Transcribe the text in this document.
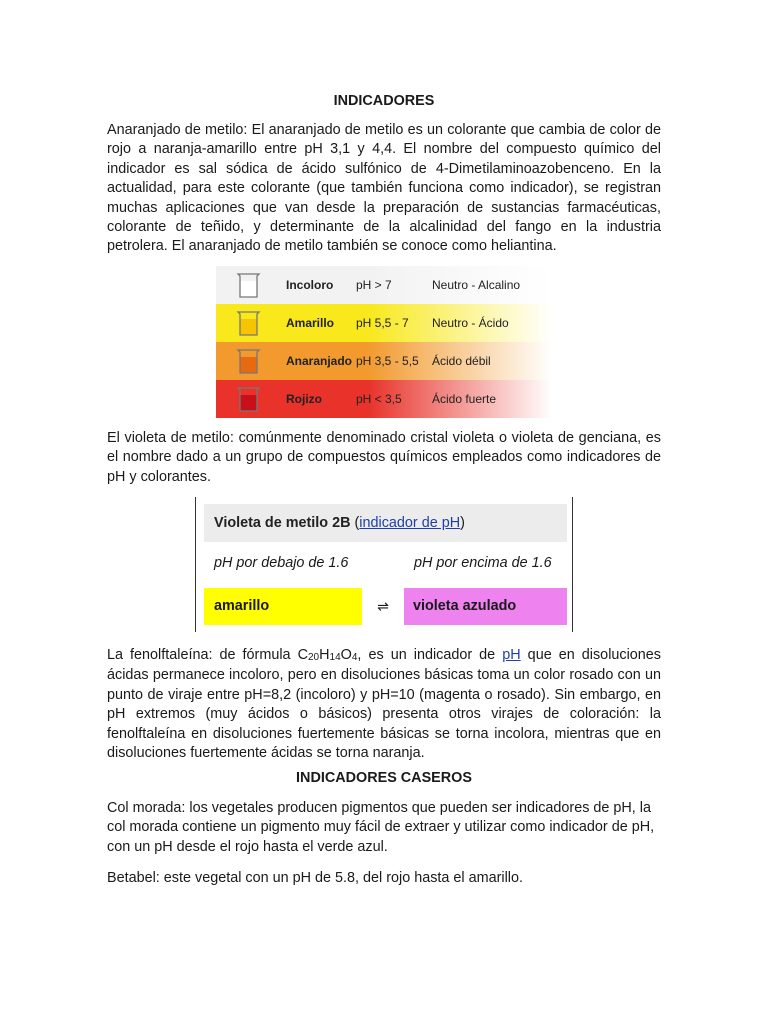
INDICADORES

Anaranjado de metilo: El anaranjado de metilo es un colorante que cambia de color de rojo a naranja-amarillo entre pH 3,1 y 4,4. El nombre del compuesto químico del indicador es sal sódica de ácido sulfónico de 4-Dimetilaminoazobenceno. En la actualidad, para este colorante (que también funciona como indicador), se registran muchas aplicaciones que van desde la preparación de sustancias farmacéuticas, colorante de teñido, y determinante de la alcalinidad del fango en la industria petrolera. El anaranjado de metilo también se conoce como heliantina.

El violeta de metilo: comúnmente denominado cristal violeta o violeta de genciana, es el nombre dado a un grupo de compuestos químicos empleados como indicadores de pH y colorantes.

La fenolftaleína: de fórmula $C_{20}H_{14}O_4$, es un indicador de pH que en disoluciones ácidas permanece incoloro, pero en disoluciones básicas toma un color rosado con un punto de viraje entre pH=8,2 (incoloro) y pH=10 (magenta o rosado). Sin embargo, en pH extremos (muy ácidos o básicos) presenta otros virajes de coloración: la fenolftaleína en disoluciones fuertemente básicas se torna incolora, mientras que en disoluciones fuertemente ácidas se torna naranja.

INDICADORES CASEROS

Col morada: los vegetales producen pigmentos que pueden ser indicadores de pH, la col morada contiene un pigmento muy fácil de extraer y utilizar como indicador de pH, con un pH desde el rojo hasta el verde azul.

Betabel: este vegetal con un pH de 5.8, del rojo hasta el amarillo.

Incoloro pH > 7	Neutro - Alcalino
Amarillo pH 5,5 - 7 Neutro - Ácido
Anaranjado pH 3,5 - 5,5 Ácido débil
Rojizo	pH < 3,5	Ácido fuerte
Violeta de metilo 2B (indicador de pH)
pH por debajo de 1.6	pH por encima de 1.6
amarillo	⇌	violeta azulado
